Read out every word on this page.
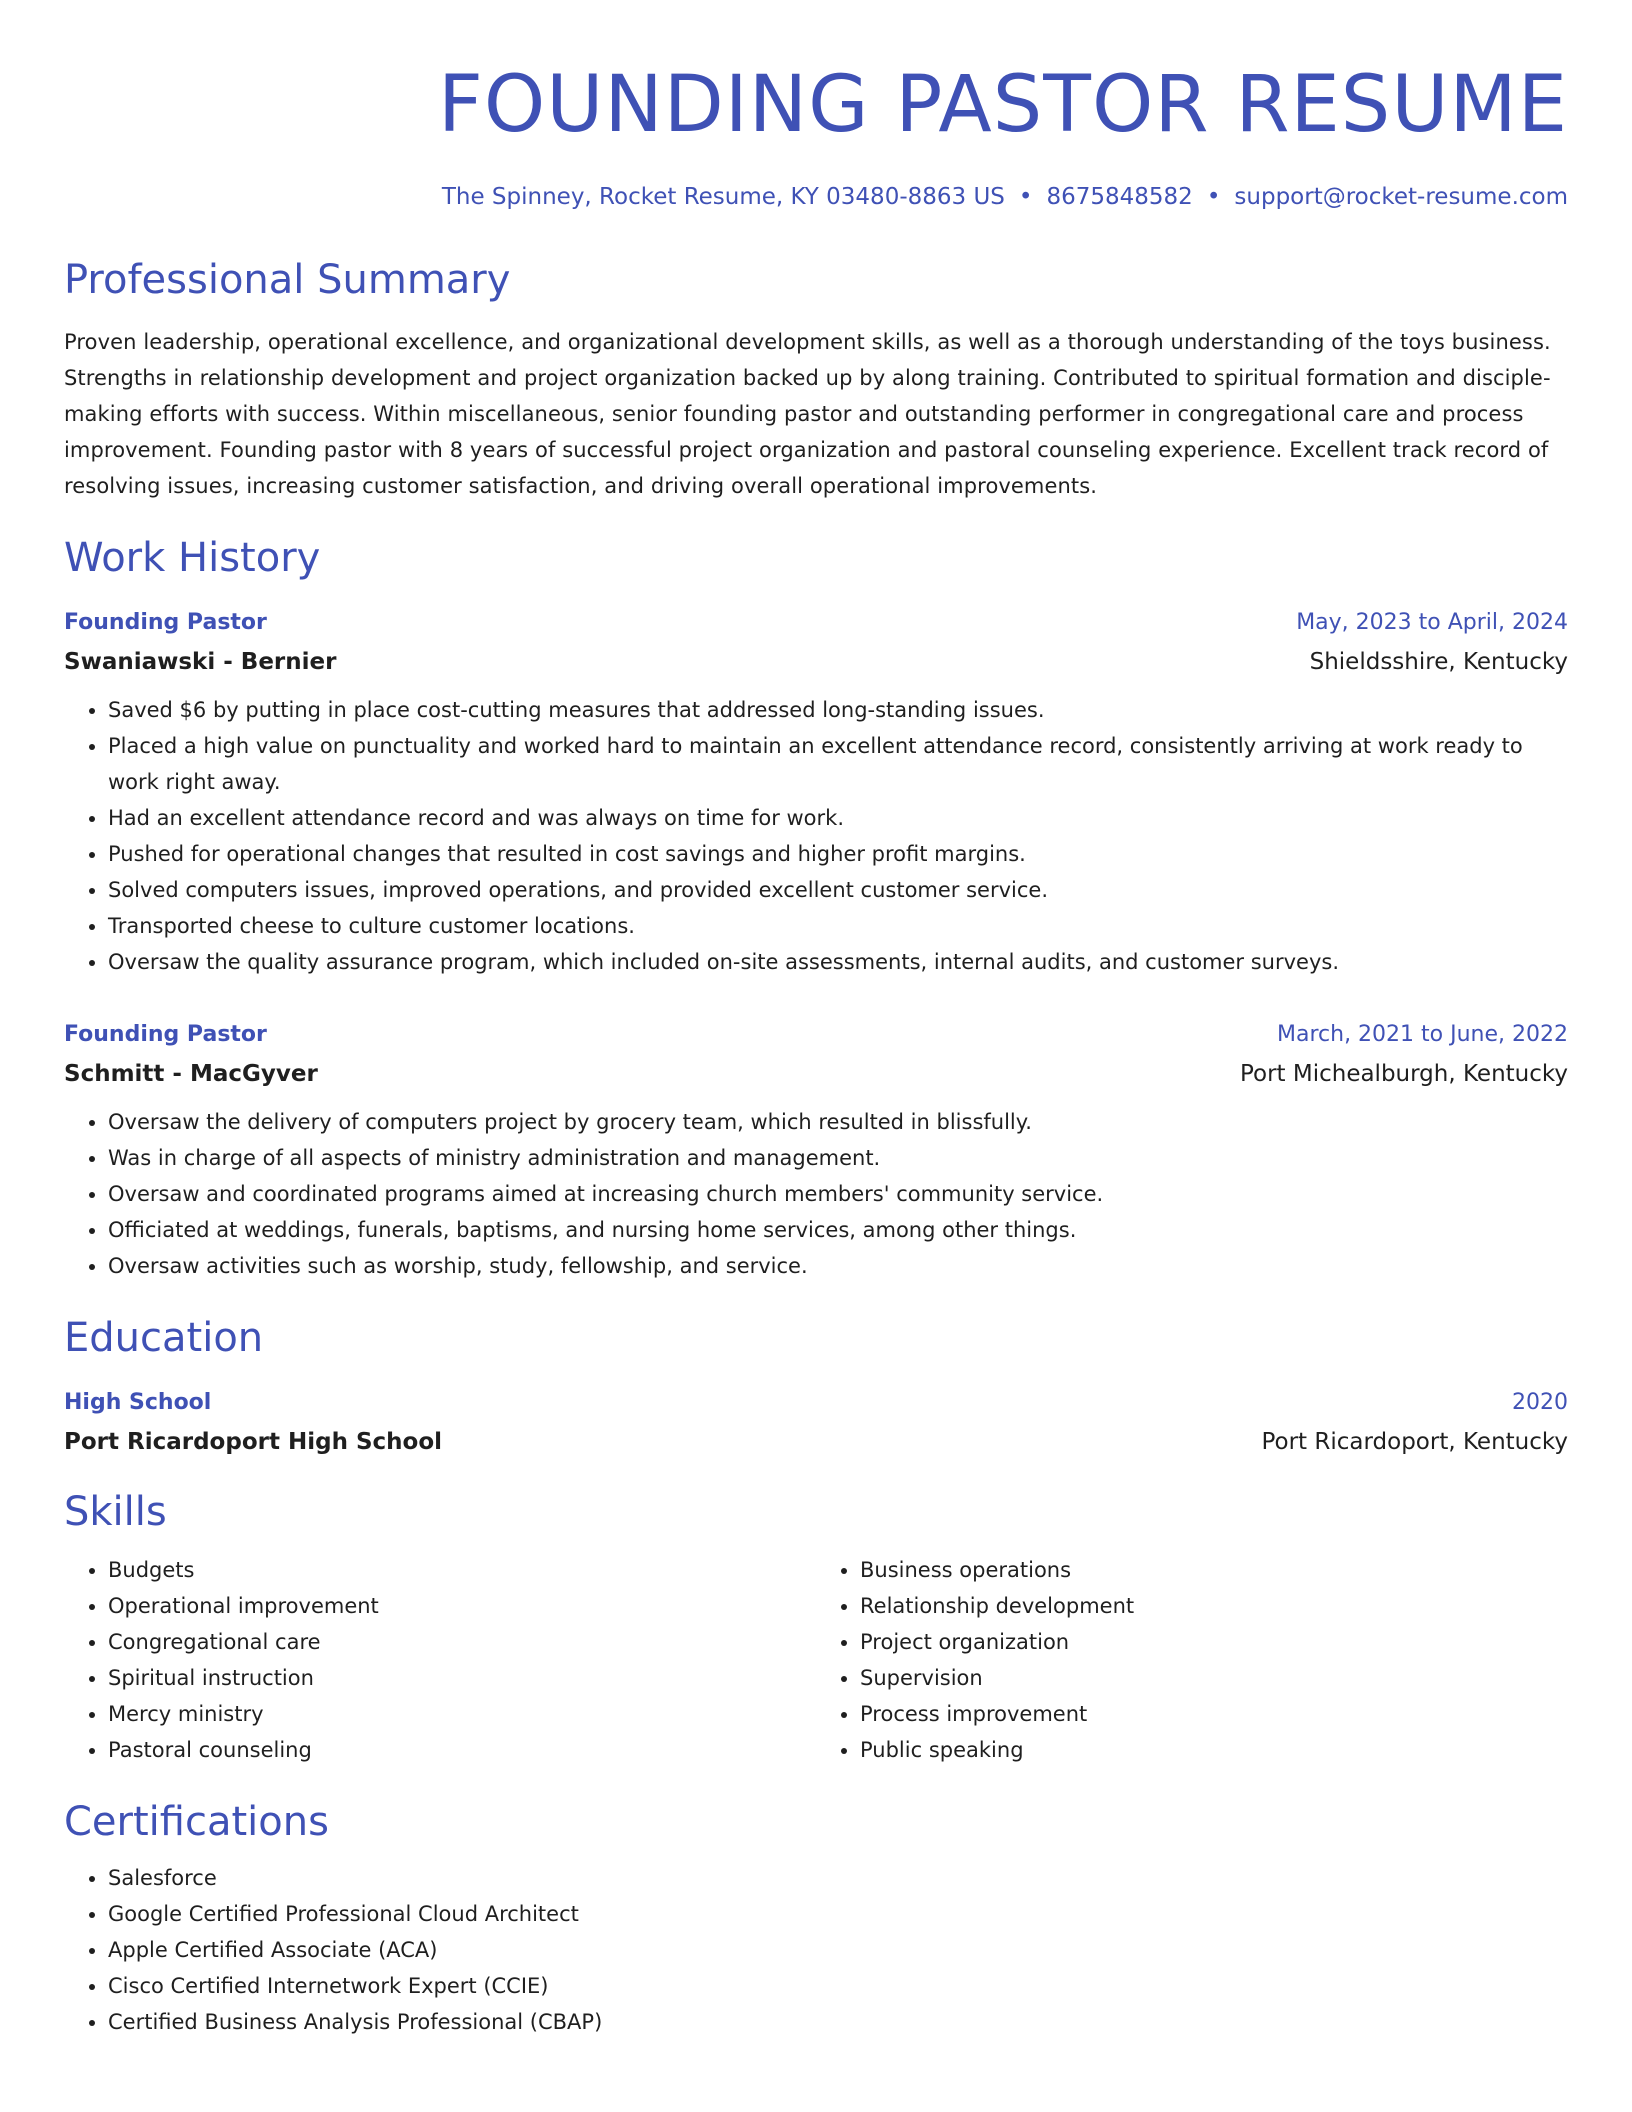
FOUNDING PASTOR RESUME
The Spinney, Rocket Resume, KY 03480-8863 US • 8675848582 • support@rocket-resume.com
Professional Summary
Proven leadership, operational excellence, and organizational development skills, as well as a thorough understanding of the toys business. Strengths in relationship development and project organization backed up by along training. Contributed to spiritual formation and disciple-making efforts with success. Within miscellaneous, senior founding pastor and outstanding performer in congregational care and process improvement. Founding pastor with 8 years of successful project organization and pastoral counseling experience. Excellent track record of resolving issues, increasing customer satisfaction, and driving overall operational improvements.
Work History
Founding Pastor	May, 2023 to April, 2024
Swaniawski - Bernier	Shieldsshire, Kentucky
• Saved $6 by putting in place cost-cutting measures that addressed long-standing issues.
• Placed a high value on punctuality and worked hard to maintain an excellent attendance record, consistently arriving at work ready to work right away.
• Had an excellent attendance record and was always on time for work.
• Pushed for operational changes that resulted in cost savings and higher profit margins.
• Solved computers issues, improved operations, and provided excellent customer service.
• Transported cheese to culture customer locations.
• Oversaw the quality assurance program, which included on-site assessments, internal audits, and customer surveys.
Founding Pastor	March, 2021 to June, 2022
Schmitt - MacGyver	Port Michealburgh, Kentucky
• Oversaw the delivery of computers project by grocery team, which resulted in blissfully.
• Was in charge of all aspects of ministry administration and management.
• Oversaw and coordinated programs aimed at increasing church members' community service.
• Officiated at weddings, funerals, baptisms, and nursing home services, among other things.
• Oversaw activities such as worship, study, fellowship, and service.
Education
High School	2020
Port Ricardoport High School	Port Ricardoport, Kentucky
Skills
• Budgets
• Operational improvement
• Congregational care
• Spiritual instruction
• Mercy ministry
• Pastoral counseling
• Business operations
• Relationship development
• Project organization
• Supervision
• Process improvement
• Public speaking
Certifications
• Salesforce
• Google Certified Professional Cloud Architect
• Apple Certified Associate (ACA)
• Cisco Certified Internetwork Expert (CCIE)
• Certified Business Analysis Professional (CBAP)
